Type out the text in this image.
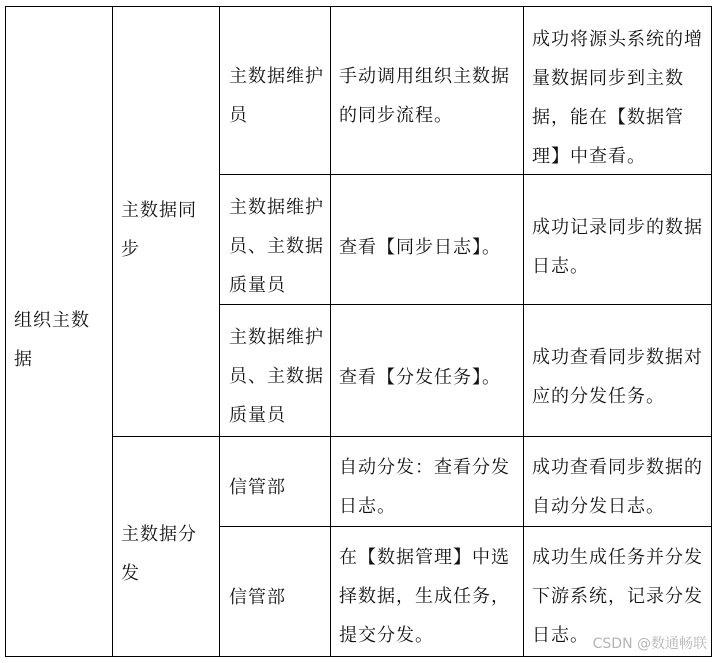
组织主数据
主数据同步
主数据分发
主数据维护员
手动调用组织主数据的同步流程。
成功将源头系统的增量数据同步到主数据，能在【数据管理】中查看。
主数据维护员、主数据质量员
查看【同步日志】。
成功记录同步的数据日志。
主数据维护员、主数据质量员
查看【分发任务】。
成功查看同步数据对应的分发任务。
信管部
自动分发：查看分发日志。
成功查看同步数据的自动分发日志。
信管部
在【数据管理】中选择数据，生成任务，提交分发。
成功生成任务并分发下游系统，记录分发日志。 CSDN @数通畅联
